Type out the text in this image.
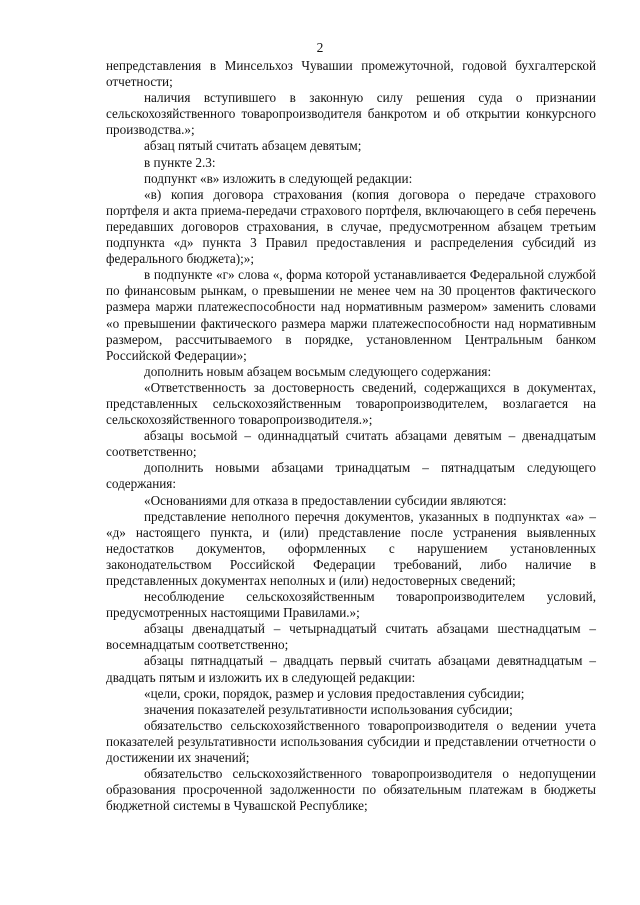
2

непредставления в Минсельхоз Чувашии промежуточной, годовой бухгалтерской отчетности;

наличия вступившего в законную силу решения суда о признании сельскохозяйственного товаропроизводителя банкротом и об открытии конкурсного производства.»;

абзац пятый считать абзацем девятым;

в пункте 2.3:

подпункт «в» изложить в следующей редакции:

«в) копия договора страхования (копия договора о передаче страхового портфеля и акта приема-передачи страхового портфеля, включающего в себя перечень передавших договоров страхования, в случае, предусмотренном абзацем третьим подпункта «д» пункта 3 Правил предоставления и распределения субсидий из федерального бюджета);»;

в подпункте «г» слова «, форма которой устанавливается Федеральной службой по финансовым рынкам, о превышении не менее чем на 30 процентов фактического размера маржи платежеспособности над нормативным размером» заменить словами «о превышении фактического размера маржи платежеспособности над нормативным размером, рассчитываемого в порядке, установленном Центральным банком Российской Федерации»;

дополнить новым абзацем восьмым следующего содержания:

«Ответственность за достоверность сведений, содержащихся в документах, представленных сельскохозяйственным товаропроизводителем, возлагается на сельскохозяйственного товаропроизводителя.»;

абзацы восьмой – одиннадцатый считать абзацами девятым – двенадцатым соответственно;

дополнить новыми абзацами тринадцатым – пятнадцатым следующего содержания:

«Основаниями для отказа в предоставлении субсидии являются:

представление неполного перечня документов, указанных в подпунктах «а» – «д» настоящего пункта, и (или) представление после устранения выявленных недостатков документов, оформленных с нарушением установленных законодательством Российской Федерации требований, либо наличие в представленных документах неполных и (или) недостоверных сведений;

несоблюдение сельскохозяйственным товаропроизводителем условий, предусмотренных настоящими Правилами.»;

абзацы двенадцатый – четырнадцатый считать абзацами шестнадцатым – восемнадцатым соответственно;

абзацы пятнадцатый – двадцать первый считать абзацами девятнадцатым – двадцать пятым и изложить их в следующей редакции:

«цели, сроки, порядок, размер и условия предоставления субсидии;

значения показателей результативности использования субсидии;

обязательство сельскохозяйственного товаропроизводителя о ведении учета показателей результативности использования субсидии и представлении отчетности о достижении их значений;

обязательство сельскохозяйственного товаропроизводителя о недопущении образования просроченной задолженности по обязательным платежам в бюджеты бюджетной системы в Чувашской Республике;
